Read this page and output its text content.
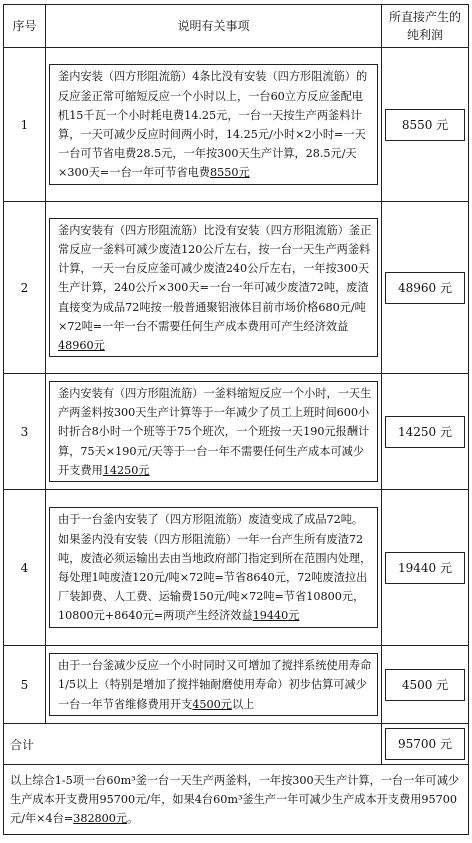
序号	说明有关事项	所直接产生的
纯利润

1	釜内安装（四方形阻流筋）4条比没有安装（四方形阻流筋）的反应釜正常可缩短反应一个小时以上，一台60立方反应釜配电机15千瓦一个小时耗电费14.25元，一台一天按生产两釜料计算，一天可减少反应时间两小时，14.25元/小时×2小时=一天一台可节省电费28.5元，一年按300天生产计算，28.5元/天×300天=一台一年可节省电费8550元	8550 元

2	釜内安装有（四方形阻流筋）比没有安装（四方形阻流筋）釜正常反应一釜料可减少废渣120公斤左右，按一台一天生产两釜料计算，一天一台反应釜可减少废渣240公斤左右，一年按300天生产计算，240公斤×300天=一台一年可减少废渣72吨，废渣直接变为成品72吨按一般普通聚铝液体目前市场价格680元/吨×72吨=一年一台不需要任何生产成本费用可产生经济效益48960元	48960 元

3	釜内安装有（四方形阻流筋）一釜料缩短反应一个小时，一天生产两釜料按300天生产计算等于一年减少了员工上班时间600小时折合8小时一个班等于75个班次，一个班按一天190元报酬计算，75天×190元/天等于一台一年不需要任何生产成本可减少开支费用14250元	14250 元

4	由于一台釜内安装了（四方形阻流筋）废渣变成了成品72吨。如果釜内没有安装（四方形阻流筋）一年一台产生所有废渣72吨，废渣必须运输出去由当地政府部门指定到所在范围内处理，每处理1吨废渣120元/吨×72吨=节省8640元，72吨废渣拉出厂装卸费、人工费、运输费150元/吨×72吨=节省10800元，10800元+8640元=两项产生经济效益19440元	19440 元

5	由于一台釜减少反应一个小时同时又可增加了搅拌系统使用寿命1/5以上（特别是增加了搅拌轴耐磨使用寿命）初步估算可减少一台一年节省维修费用开支4500元以上	4500 元

合计		95700 元

以上综合1-5项一台60m³釜一台一天生产两釜料，一年按300天生产计算，一台一年可减少生产成本开支费用95700元/年，如果4台60m³釜生产一年可减少生产成本开支费用95700元/年×4台=382800元。		
